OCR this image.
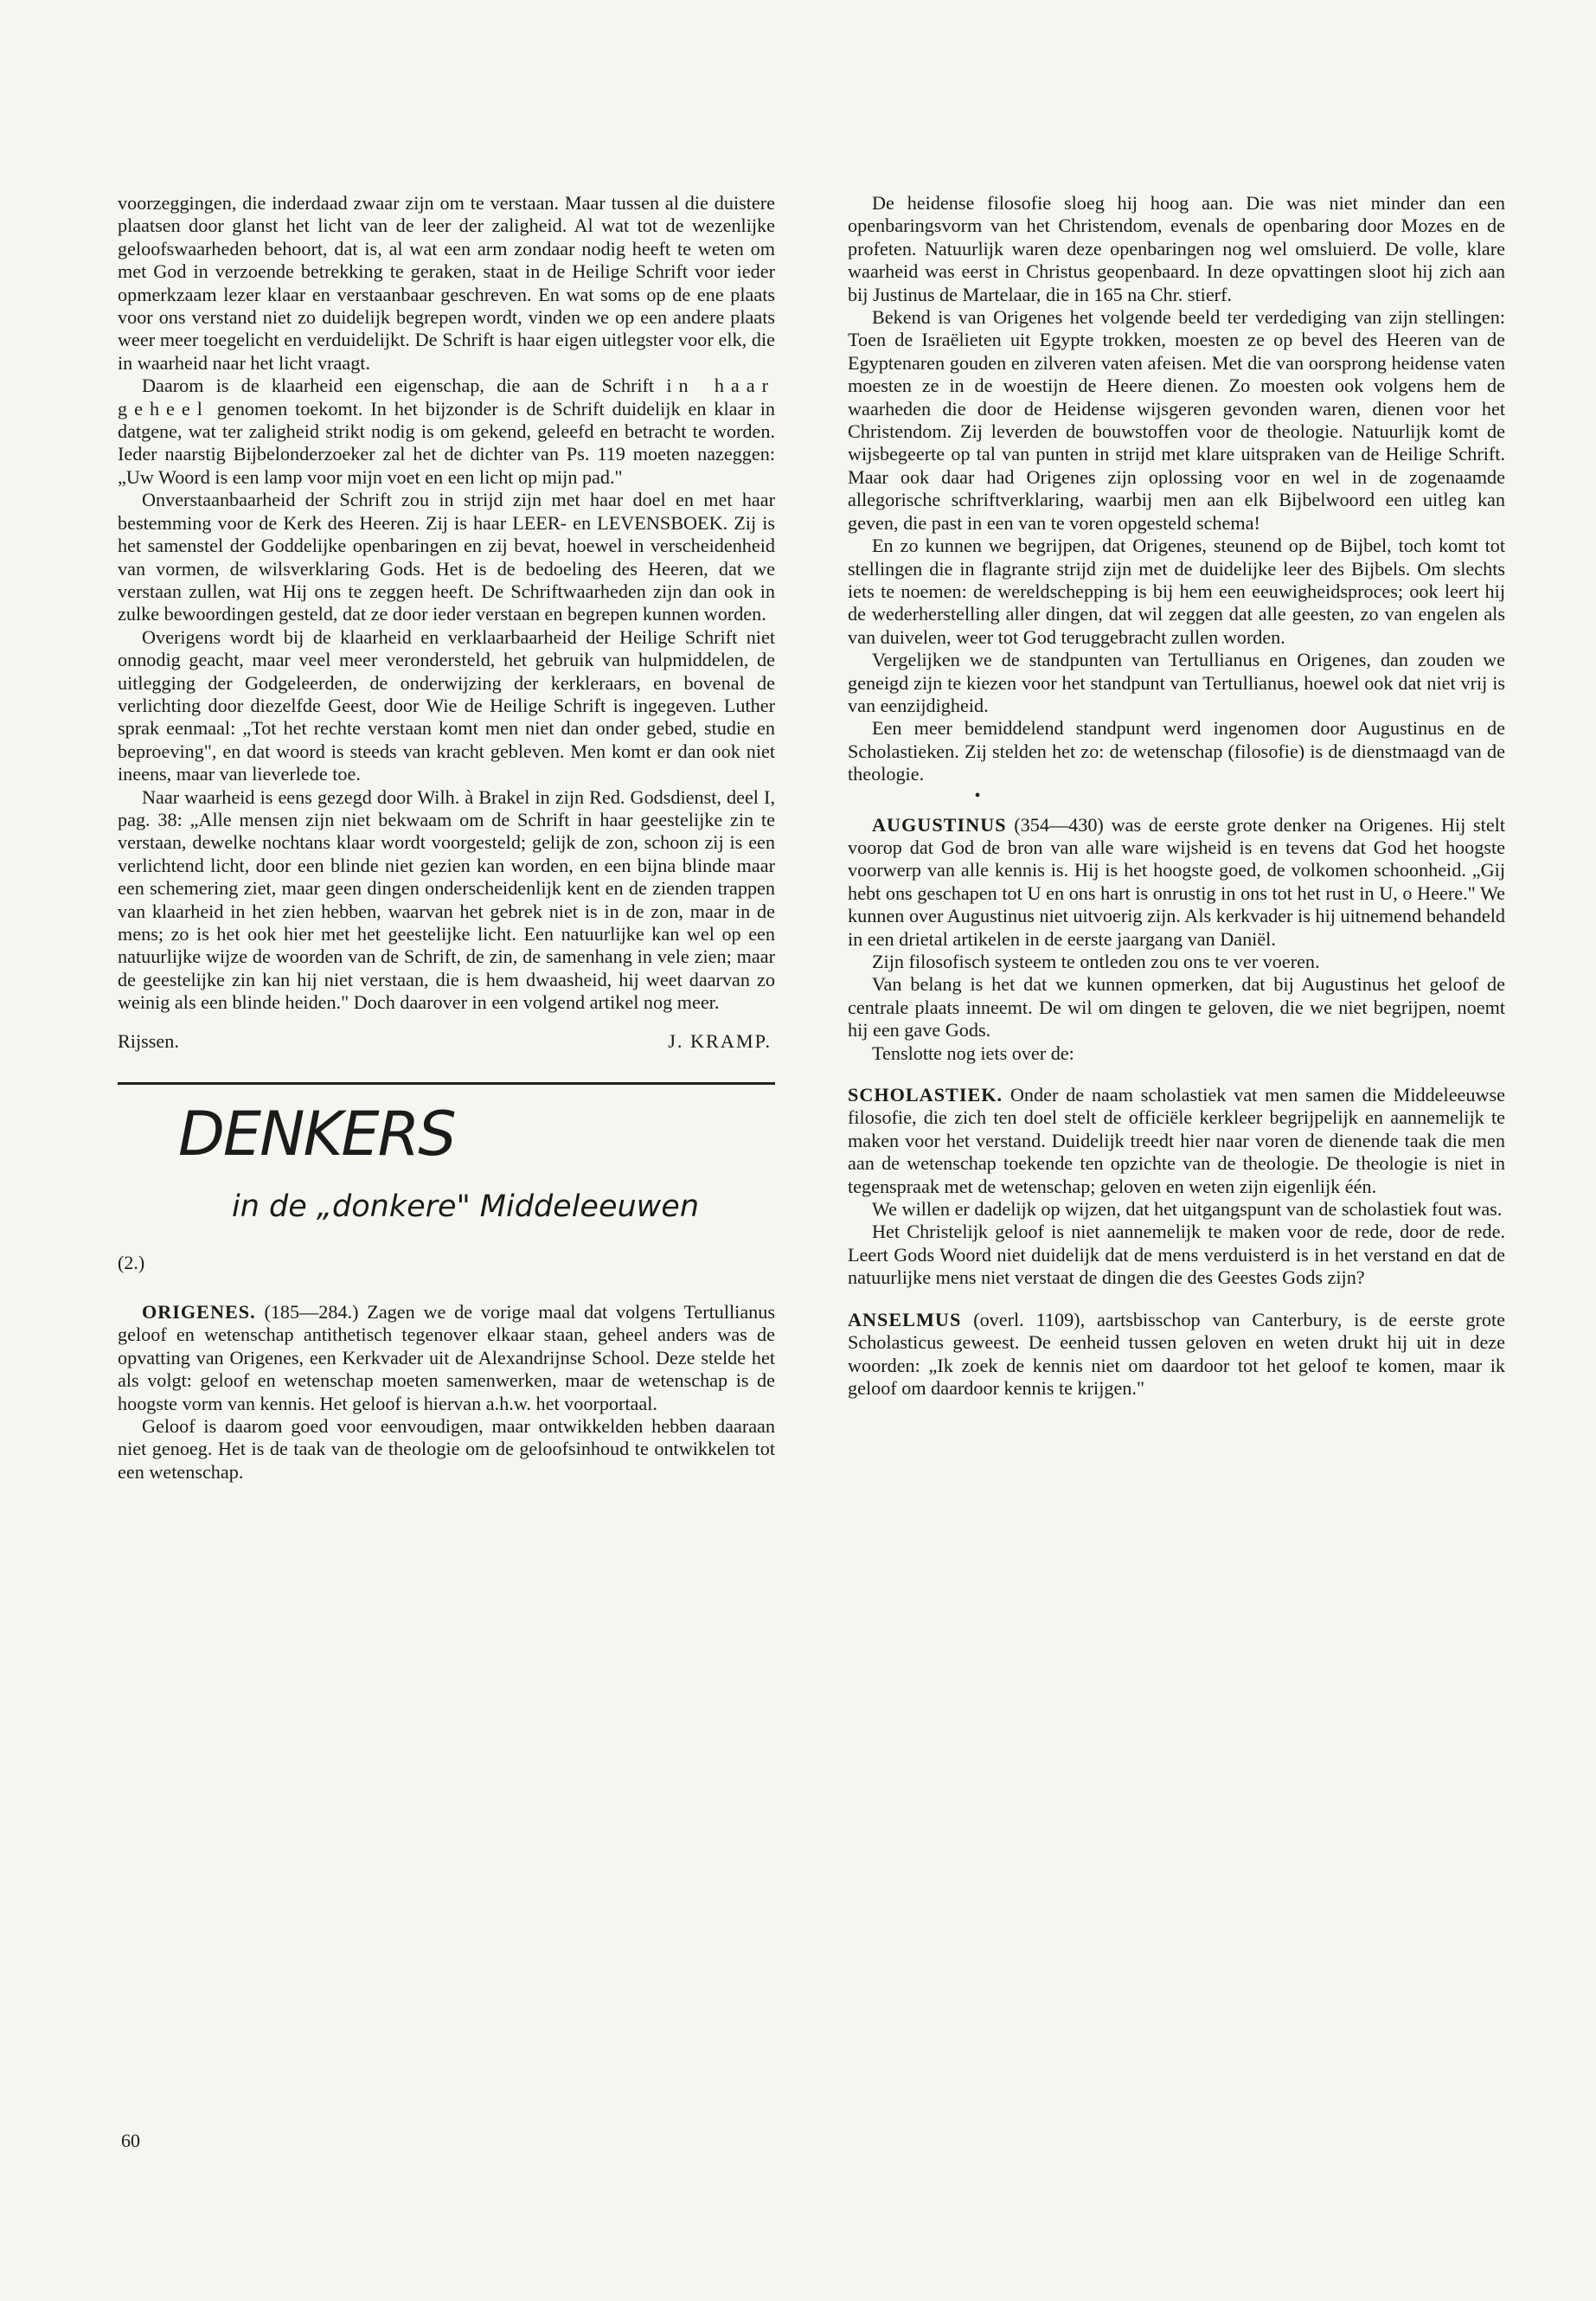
voorzeggingen, die inderdaad zwaar zijn om te verstaan. Maar tussen al die duistere plaatsen door glanst het licht van de leer der zaligheid. Al wat tot de wezenlijke geloofswaarheden behoort, dat is, al wat een arm zondaar nodig heeft te weten om met God in verzoende betrekking te geraken, staat in de Heilige Schrift voor ieder opmerkzaam lezer klaar en verstaanbaar geschreven. En wat soms op de ene plaats voor ons verstand niet zo duidelijk begrepen wordt, vinden we op een andere plaats weer meer toegelicht en verduidelijkt. De Schrift is haar eigen uitlegster voor elk, die in waarheid naar het licht vraagt.

Daarom is de klaarheid een eigenschap, die aan de Schrift in haar geheel genomen toekomt. In het bijzonder is de Schrift duidelijk en klaar in datgene, wat ter zaligheid strikt nodig is om gekend, geleefd en betracht te worden. Ieder naarstig Bijbelonderzoeker zal het de dichter van Ps. 119 moeten nazeggen: „Uw Woord is een lamp voor mijn voet en een licht op mijn pad."

Onverstaanbaarheid der Schrift zou in strijd zijn met haar doel en met haar bestemming voor de Kerk des Heeren. Zij is haar LEER- en LEVENSBOEK. Zij is het samenstel der Goddelijke openbaringen en zij bevat, hoewel in verscheidenheid van vormen, de wilsverklaring Gods. Het is de bedoeling des Heeren, dat we verstaan zullen, wat Hij ons te zeggen heeft. De Schriftwaarheden zijn dan ook in zulke bewoordingen gesteld, dat ze door ieder verstaan en begrepen kunnen worden.

Overigens wordt bij de klaarheid en verklaarbaarheid der Heilige Schrift niet onnodig geacht, maar veel meer verondersteld, het gebruik van hulpmiddelen, de uitlegging der Godgeleerden, de onderwijzing der kerkleraars, en bovenal de verlichting door diezelfde Geest, door Wie de Heilige Schrift is ingegeven. Luther sprak eenmaal: „Tot het rechte verstaan komt men niet dan onder gebed, studie en beproeving", en dat woord is steeds van kracht gebleven. Men komt er dan ook niet ineens, maar van lieverlede toe.

Naar waarheid is eens gezegd door Wilh. à Brakel in zijn Red. Godsdienst, deel I, pag. 38: „Alle mensen zijn niet bekwaam om de Schrift in haar geestelijke zin te verstaan, dewelke nochtans klaar wordt voorgesteld; gelijk de zon, schoon zij is een verlichtend licht, door een blinde niet gezien kan worden, en een bijna blinde maar een schemering ziet, maar geen dingen onderscheidenlijk kent en de zienden trappen van klaarheid in het zien hebben, waarvan het gebrek niet is in de zon, maar in de mens; zo is het ook hier met het geestelijke licht. Een natuurlijke kan wel op een natuurlijke wijze de woorden van de Schrift, de zin, de samenhang in vele zien; maar de geestelijke zin kan hij niet verstaan, die is hem dwaasheid, hij weet daarvan zo weinig als een blinde heiden." Doch daarover in een volgend artikel nog meer.

Rijssen.	J. KRAMP.
DENKERS
in de „donkere" Middeleeuwen
(2.)

ORIGENES. (185—284.) Zagen we de vorige maal dat volgens Tertullianus geloof en wetenschap antithetisch tegenover elkaar staan, geheel anders was de opvatting van Origenes, een Kerkvader uit de Alexandrijnse School. Deze stelde het als volgt: geloof en wetenschap moeten samenwerken, maar de wetenschap is de hoogste vorm van kennis. Het geloof is hiervan a.h.w. het voorportaal.

Geloof is daarom goed voor eenvoudigen, maar ontwikkelden hebben daaraan niet genoeg. Het is de taak van de theologie om de geloofsinhoud te ontwikkelen tot een wetenschap.

De heidense filosofie sloeg hij hoog aan. Die was niet minder dan een openbaringsvorm van het Christendom, evenals de openbaring door Mozes en de profeten. Natuurlijk waren deze openbaringen nog wel omsluierd. De volle, klare waarheid was eerst in Christus geopenbaard. In deze opvattingen sloot hij zich aan bij Justinus de Martelaar, die in 165 na Chr. stierf.

Bekend is van Origenes het volgende beeld ter verdediging van zijn stellingen: Toen de Israëlieten uit Egypte trokken, moesten ze op bevel des Heeren van de Egyptenaren gouden en zilveren vaten afeisen. Met die van oorsprong heidense vaten moesten ze in de woestijn de Heere dienen. Zo moesten ook volgens hem de waarheden die door de Heidense wijsgeren gevonden waren, dienen voor het Christendom. Zij leverden de bouwstoffen voor de theologie. Natuurlijk komt de wijsbegeerte op tal van punten in strijd met klare uitspraken van de Heilige Schrift. Maar ook daar had Origenes zijn oplossing voor en wel in de zogenaamde allegorische schriftverklaring, waarbij men aan elk Bijbelwoord een uitleg kan geven, die past in een van te voren opgesteld schema!

En zo kunnen we begrijpen, dat Origenes, steunend op de Bijbel, toch komt tot stellingen die in flagrante strijd zijn met de duidelijke leer des Bijbels. Om slechts iets te noemen: de wereldschepping is bij hem een eeuwigheidsproces; ook leert hij de wederherstelling aller dingen, dat wil zeggen dat alle geesten, zo van engelen als van duivelen, weer tot God teruggebracht zullen worden.

Vergelijken we de standpunten van Tertullianus en Origenes, dan zouden we geneigd zijn te kiezen voor het standpunt van Tertullianus, hoewel ook dat niet vrij is van eenzijdigheid.

Een meer bemiddelend standpunt werd ingenomen door Augustinus en de Scholastieken. Zij stelden het zo: de wetenschap (filosofie) is de dienstmaagd van de theologie.

•

AUGUSTINUS (354—430) was de eerste grote denker na Origenes. Hij stelt voorop dat God de bron van alle ware wijsheid is en tevens dat God het hoogste voorwerp van alle kennis is. Hij is het hoogste goed, de volkomen schoonheid. „Gij hebt ons geschapen tot U en ons hart is onrustig in ons tot het rust in U, o Heere." We kunnen over Augustinus niet uitvoerig zijn. Als kerkvader is hij uitnemend behandeld in een drietal artikelen in de eerste jaargang van Daniël.

Zijn filosofisch systeem te ontleden zou ons te ver voeren.

Van belang is het dat we kunnen opmerken, dat bij Augustinus het geloof de centrale plaats inneemt. De wil om dingen te geloven, die we niet begrijpen, noemt hij een gave Gods.

Tenslotte nog iets over de:

SCHOLASTIEK. Onder de naam scholastiek vat men samen die Middeleeuwse filosofie, die zich ten doel stelt de officiële kerkleer begrijpelijk en aannemelijk te maken voor het verstand. Duidelijk treedt hier naar voren de dienende taak die men aan de wetenschap toekende ten opzichte van de theologie. De theologie is niet in tegenspraak met de wetenschap; geloven en weten zijn eigenlijk één.

We willen er dadelijk op wijzen, dat het uitgangspunt van de scholastiek fout was.

Het Christelijk geloof is niet aannemelijk te maken voor de rede, door de rede. Leert Gods Woord niet duidelijk dat de mens verduisterd is in het verstand en dat de natuurlijke mens niet verstaat de dingen die des Geestes Gods zijn?

ANSELMUS (overl. 1109), aartsbisschop van Canterbury, is de eerste grote Scholasticus geweest. De eenheid tussen geloven en weten drukt hij uit in deze woorden: „Ik zoek de kennis niet om daardoor tot het geloof te komen, maar ik geloof om daardoor kennis te krijgen."

60
